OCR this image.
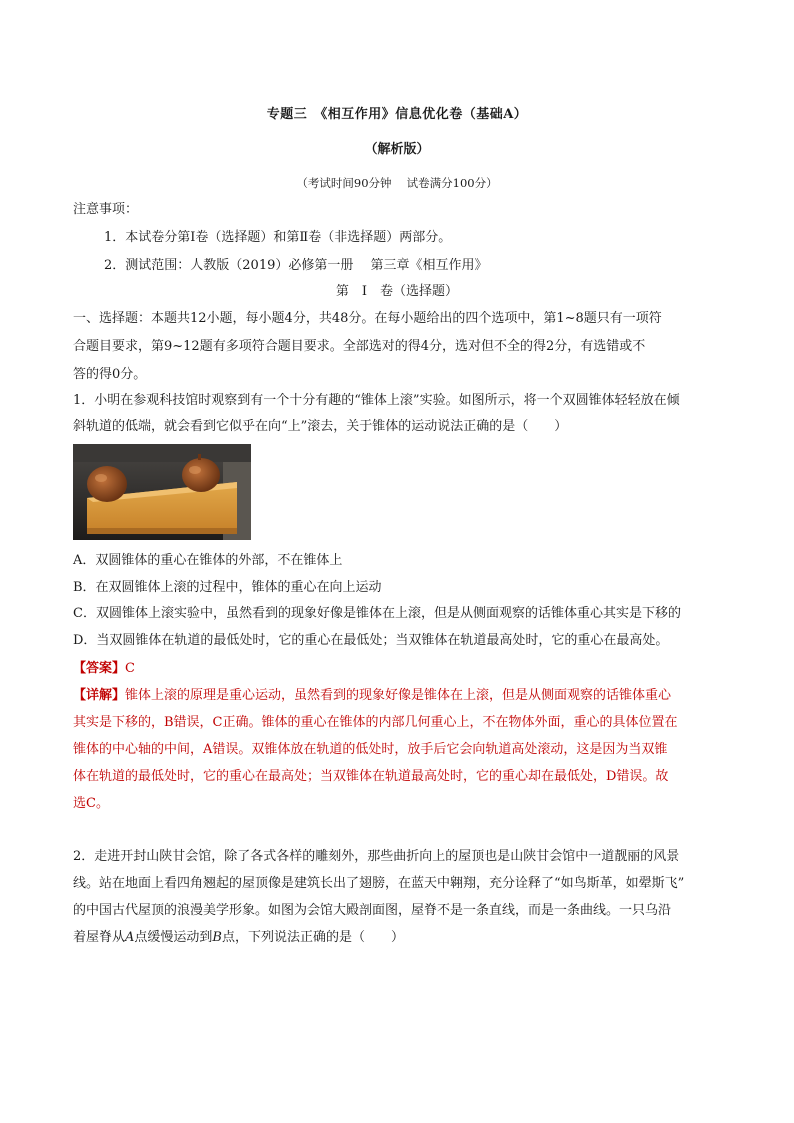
专题三　《相互作用》信息优化卷（基础A）
（解析版）
（考试时间90分钟　 试卷满分100分）
注意事项：
1．本试卷分第Ⅰ卷（选择题）和第Ⅱ卷（非选择题）两部分。
2．测试范围：人教版（2019）必修第一册　 第三章《相互作用》
第　Ⅰ　卷（选择题）
一、选择题：本题共12小题，每小题4分，共48分。在每小题给出的四个选项中，第1~8题只有一项符
合题目要求，第9~12题有多项符合题目要求。全部选对的得4分，选对但不全的得2分，有选错或不
答的得0分。
1．小明在参观科技馆时观察到有一个十分有趣的“锥体上滚”实验。如图所示，将一个双圆锥体轻轻放在倾
斜轨道的低端，就会看到它似乎在向“上”滚去，关于锥体的运动说法正确的是（　　）
A．双圆锥体的重心在锥体的外部，不在锥体上
B．在双圆锥体上滚的过程中，锥体的重心在向上运动
C．双圆锥体上滚实验中，虽然看到的现象好像是锥体在上滚，但是从侧面观察的话锥体重心其实是下移的
D．当双圆锥体在轨道的最低处时，它的重心在最低处；当双锥体在轨道最高处时，它的重心在最高处。
【答案】C
【详解】锥体上滚的原理是重心运动，虽然看到的现象好像是锥体在上滚，但是从侧面观察的话锥体重心
其实是下移的，B错误，C正确。锥体的重心在锥体的内部几何重心上，不在物体外面，重心的具体位置在
锥体的中心轴的中间，A错误。双锥体放在轨道的低处时，放手后它会向轨道高处滚动，这是因为当双锥
体在轨道的最低处时，它的重心在最高处；当双锥体在轨道最高处时，它的重心却在最低处，D错误。故
选C。
2．走进开封山陕甘会馆，除了各式各样的雕刻外，那些曲折向上的屋顶也是山陕甘会馆中一道靓丽的风景
线。站在地面上看四角翘起的屋顶像是建筑长出了翅膀，在蓝天中翱翔，充分诠释了“如鸟斯革，如翚斯飞”
的中国古代屋顶的浪漫美学形象。如图为会馆大殿剖面图，屋脊不是一条直线，而是一条曲线。一只乌沿
着屋脊从A点缓慢运动到B点，下列说法正确的是（　　）
